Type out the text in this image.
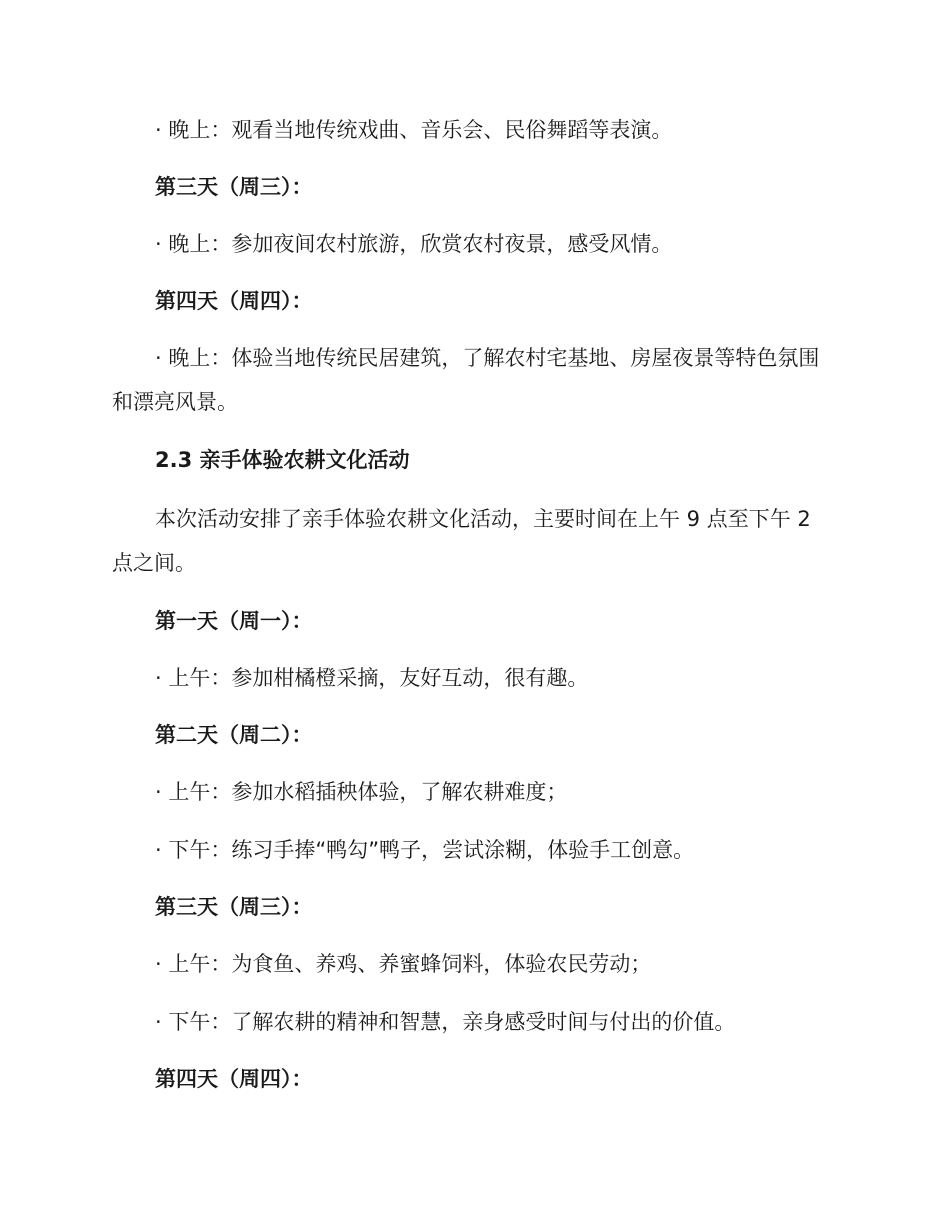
· 晚上：观看当地传统戏曲、音乐会、民俗舞蹈等表演。

第三天（周三）：

· 晚上：参加夜间农村旅游，欣赏农村夜景，感受风情。

第四天（周四）：

· 晚上：体验当地传统民居建筑，了解农村宅基地、房屋夜景等特色氛围和漂亮风景。

2.3 亲手体验农耕文化活动

本次活动安排了亲手体验农耕文化活动，主要时间在上午 9 点至下午 2 点之间。

第一天（周一）：

· 上午：参加柑橘橙采摘，友好互动，很有趣。

第二天（周二）：

· 上午：参加水稻插秧体验，了解农耕难度；

· 下午：练习手捧“鸭勾”鸭子，尝试涂糊，体验手工创意。

第三天（周三）：

· 上午：为食鱼、养鸡、养蜜蜂饲料，体验农民劳动；

· 下午：了解农耕的精神和智慧，亲身感受时间与付出的价值。

第四天（周四）：
